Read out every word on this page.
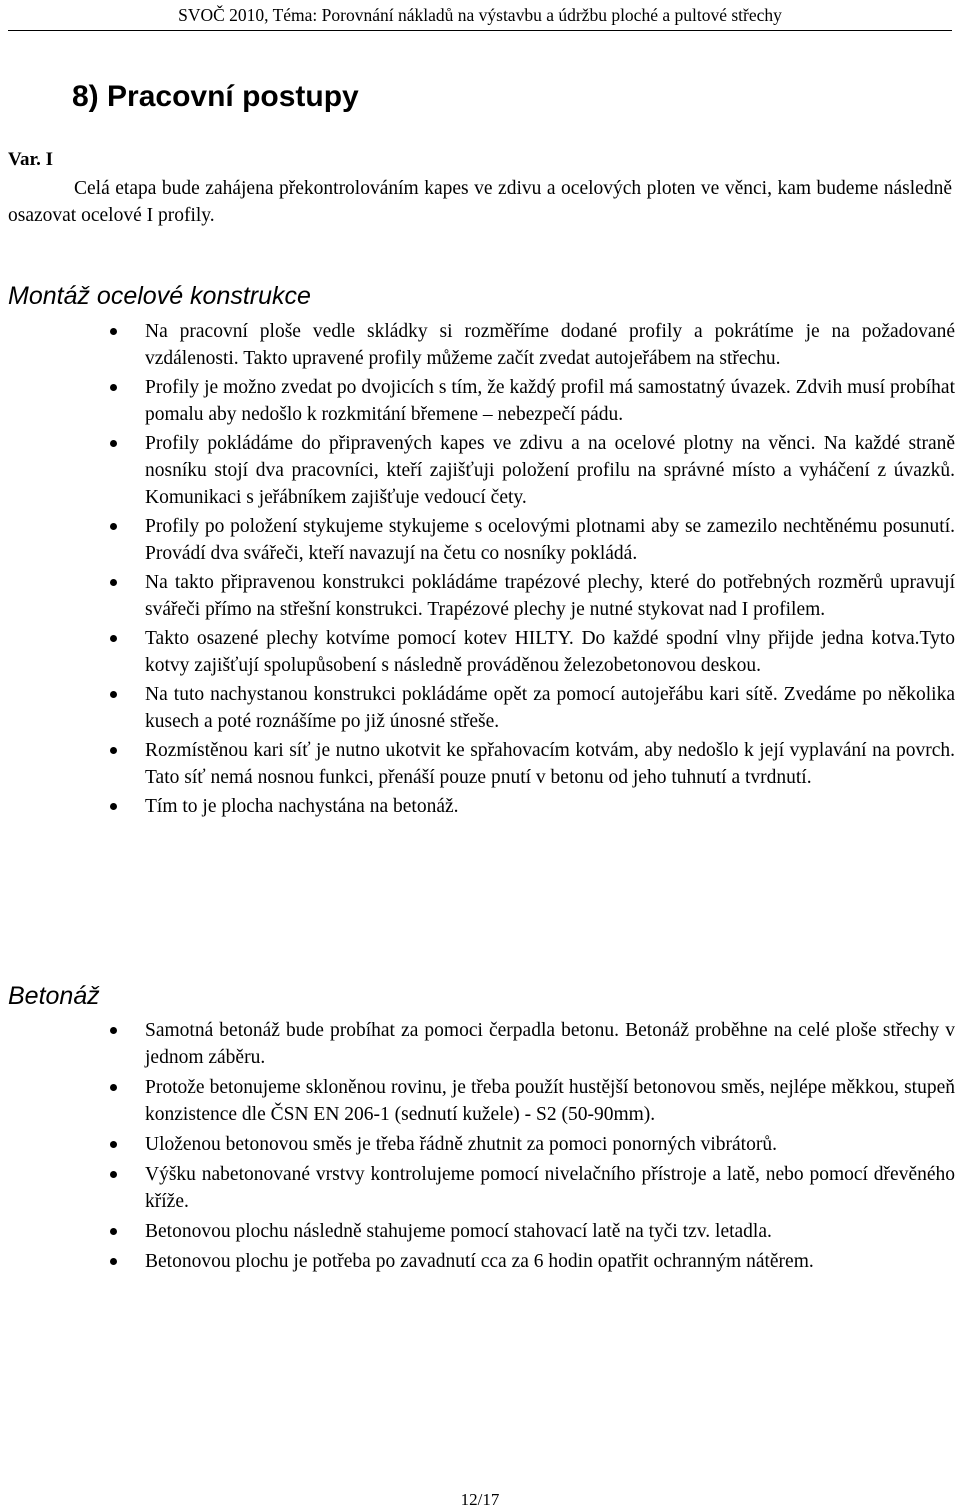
SVOČ 2010, Téma: Porovnání nákladů na výstavbu a údržbu ploché a pultové střechy
8) Pracovní postupy
Var. I
Celá etapa bude zahájena překontrolováním kapes ve zdivu a ocelových ploten ve věnci, kam budeme následně osazovat ocelové I profily.
Montáž ocelové konstrukce
Na pracovní ploše vedle skládky si rozměříme dodané profily a pokrátíme je na požadované vzdálenosti. Takto upravené profily můžeme začít zvedat autojeřábem na střechu.
Profily je možno zvedat po dvojicích s tím, že každý profil má samostatný úvazek. Zdvih musí probíhat pomalu aby nedošlo k rozkmitání břemene – nebezpečí pádu.
Profily pokládáme do připravených kapes ve zdivu a na ocelové plotny na věnci. Na každé straně nosníku stojí dva pracovníci, kteří zajišťuji položení profilu na správné místo a vyháčení z úvazků. Komunikaci s jeřábníkem zajišťuje vedoucí čety.
Profily po položení stykujeme stykujeme s ocelovými plotnami aby se zamezilo nechtěnému posunutí. Provádí dva svářeči, kteří navazují na četu co nosníky pokládá.
Na takto připravenou konstrukci pokládáme trapézové plechy, které do potřebných rozměrů upravují svářeči přímo na střešní konstrukci. Trapézové plechy je nutné stykovat nad I profilem.
Takto osazené plechy kotvíme pomocí kotev HILTY. Do každé spodní vlny přijde jedna kotva.Tyto kotvy zajišťují spolupůsobení s následně prováděnou železobetonovou deskou.
Na tuto nachystanou konstrukci pokládáme opět za pomocí autojeřábu kari sítě. Zvedáme po několika kusech a poté roznášíme po již únosné střeše.
Rozmístěnou kari síť je nutno ukotvit ke spřahovacím kotvám, aby nedošlo k její vyplavání na povrch. Tato síť nemá nosnou funkci, přenáší pouze pnutí v betonu od jeho tuhnutí a tvrdnutí.
Tím to je plocha nachystána na betonáž.
Betonáž
Samotná betonáž bude probíhat za pomoci čerpadla betonu. Betonáž proběhne na celé ploše střechy v jednom záběru.
Protože betonujeme skloněnou rovinu, je třeba použít hustější betonovou směs, nejlépe měkkou, stupeň konzistence dle ČSN EN 206-1 (sednutí kužele) - S2 (50-90mm).
Uloženou betonovou směs je třeba řádně zhutnit za pomoci ponorných vibrátorů.
Výšku nabetonované vrstvy kontrolujeme pomocí nivelačního přístroje a latě, nebo pomocí dřevěného kříže.
Betonovou plochu následně stahujeme pomocí stahovací latě na tyči tzv. letadla.
Betonovou plochu je potřeba po zavadnutí cca za 6 hodin opatřit ochranným nátěrem.
12/17
